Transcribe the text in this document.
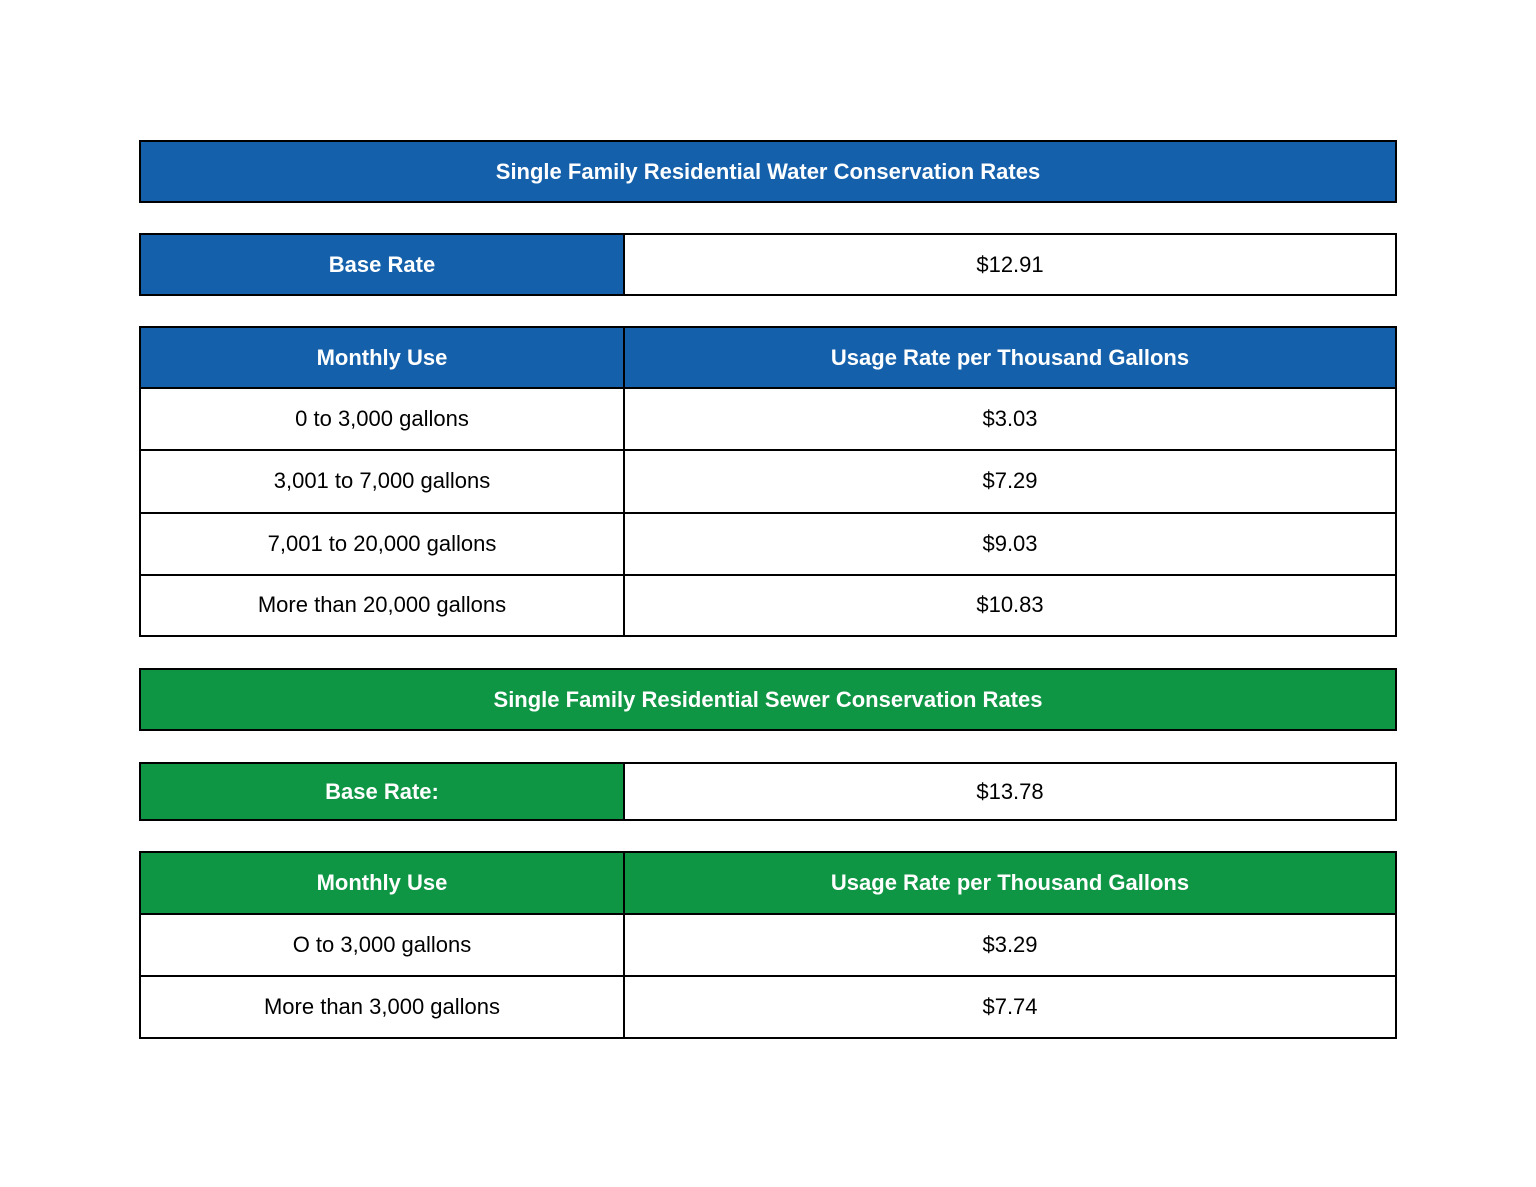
Single Family Residential Water Conservation Rates
Base Rate	$12.91
Monthly Use	Usage Rate per Thousand Gallons
0 to 3,000 gallons	$3.03
3,001 to 7,000 gallons	$7.29
7,001 to 20,000 gallons	$9.03
More than 20,000 gallons	$10.83
Single Family Residential Sewer Conservation Rates
Base Rate:	$13.78
Monthly Use	Usage Rate per Thousand Gallons
O to 3,000 gallons	$3.29
More than 3,000 gallons	$7.74
